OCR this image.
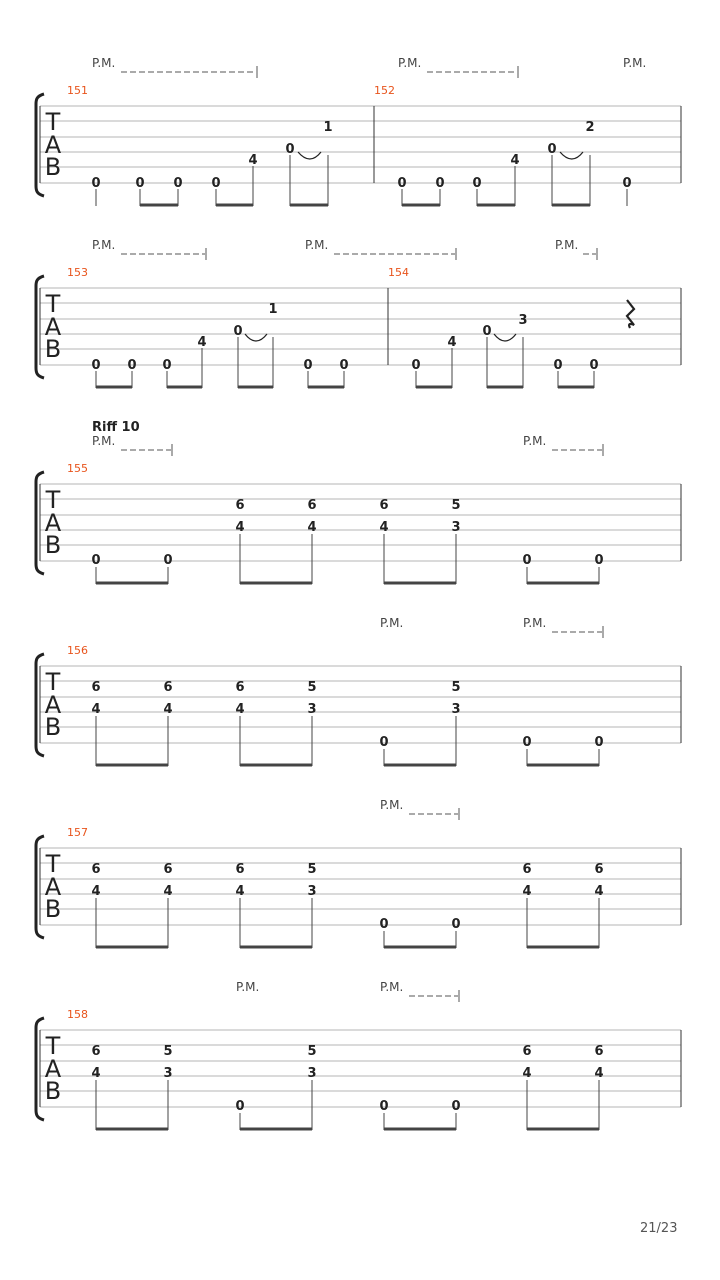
P.M.	P.M.	P.M.
T
A
B
151	152
0	0 0 0
4
0
1
0 0 0
4
0
2
0
P.M.	P.M.	P.M.
T
A
B
153	154
0 0 0
4
0
1
0 0	0
4
0
3
0 0
Riff 10
P.M.	P.M.
T
A
B
155
0	0
6
4
6
4
6
4
5
3
0	0
P.M.	P.M.
T
A
B
156
6
4
6
4
6
4
5
3
0
5
3
0	0
P.M.
T
A
B
157
6
4
6
4
6
4
5
3
0	0
6
4
6
4
P.M.	P.M.
T
A
B
158
6
4
5
3
0
5
3
0	0
6
4
6
4
21/23
